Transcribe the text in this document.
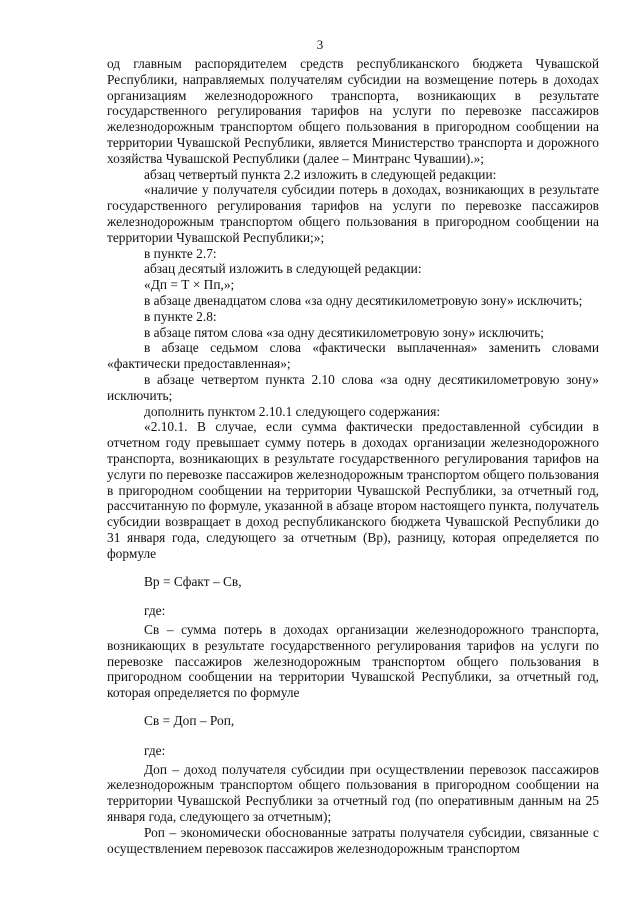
3

од главным распорядителем средств республиканского бюджета Чувашской Республики, направляемых получателям субсидии на возмещение потерь в доходах организациям железнодорожного транспорта, возникающих в результате государственного регулирования тарифов на услуги по перевозке пассажиров железнодорожным транспортом общего пользования в пригородном сообщении на территории Чувашской Республики, является Министерство транспорта и дорожного хозяйства Чувашской Республики (далее – Минтранс Чувашии).»;

абзац четвертый пункта 2.2 изложить в следующей редакции:

«наличие у получателя субсидии потерь в доходах, возникающих в результате государственного регулирования тарифов на услуги по перевозке пассажиров железнодорожным транспортом общего пользования в пригородном сообщении на территории Чувашской Республики;»;

в пункте 2.7:

абзац десятый изложить в следующей редакции:

«Дп = Т × Пп,»;

в абзаце двенадцатом слова «за одну десятикилометровую зону» исключить;

в пункте 2.8:

в абзаце пятом слова «за одну десятикилометровую зону» исключить;

в абзаце седьмом слова «фактически выплаченная» заменить словами «фактически предоставленная»;

в абзаце четвертом пункта 2.10 слова «за одну десятикилометровую зону» исключить;

дополнить пунктом 2.10.1 следующего содержания:

«2.10.1. В случае, если сумма фактически предоставленной субсидии в отчетном году превышает сумму потерь в доходах организации железнодорожного транспорта, возникающих в результате государственного регулирования тарифов на услуги по перевозке пассажиров железнодорожным транспортом общего пользования в пригородном сообщении на территории Чувашской Республики, за отчетный год, рассчитанную по формуле, указанной в абзаце втором настоящего пункта, получатель субсидии возвращает в доход республиканского бюджета Чувашской Республики до 31 января года, следующего за отчетным (Вр), разницу, которая определяется по формуле

Вр = Сфакт – Св,

где:

Св – сумма потерь в доходах организации железнодорожного транспорта, возникающих в результате государственного регулирования тарифов на услуги по перевозке пассажиров железнодорожным транспортом общего пользования в пригородном сообщении на территории Чувашской Республики, за отчетный год, которая определяется по формуле

Св = Доп – Роп,

где:

Доп – доход получателя субсидии при осуществлении перевозок пассажиров железнодорожным транспортом общего пользования в пригородном сообщении на территории Чувашской Республики за отчетный год (по оперативным данным на 25 января года, следующего за отчетным);

Роп – экономически обоснованные затраты получателя субсидии, связанные с осуществлением перевозок пассажиров железнодорожным транспортом
